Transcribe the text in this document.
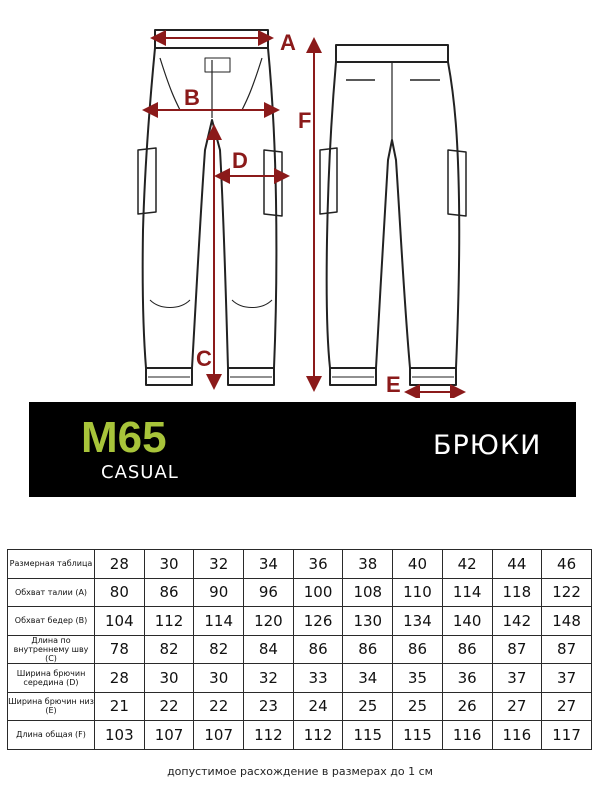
A
B
C
D
E
F
M65
CASUAL
БРЮКИ
Размерная таблица	28	30	32	34	36	38	40	42	44	46
Обхват талии (A)	80	86	90	96	100	108	110	114	118	122
Обхват бедер (B)	104	112	114	120	126	130	134	140	142	148
Длина по внутреннему шву (C)	78	82	82	84	86	86	86	86	87	87
Ширина брючин середина (D)	28	30	30	32	33	34	35	36	37	37
Ширина брючин низ (E)	21	22	22	23	24	25	25	26	27	27
Длина общая (F)	103	107	107	112	112	115	115	116	116	117
допустимое расхождение в размерах до 1 см
